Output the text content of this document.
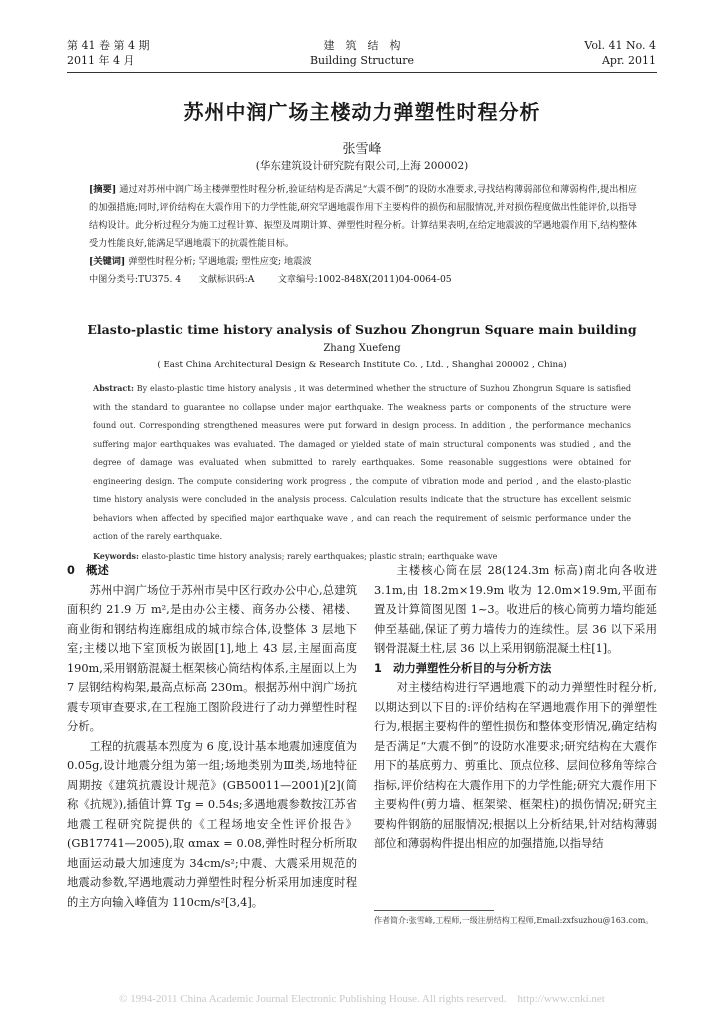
第 41 卷 第 4 期
2011 年 4 月
建　筑　结　构
Building Structure
Vol. 41 No. 4
Apr. 2011
苏州中润广场主楼动力弹塑性时程分析
张雪峰
(华东建筑设计研究院有限公司,上海 200002)

[摘要] 通过对苏州中润广场主楼弹塑性时程分析,验证结构是否满足“大震不倒”的设防水准要求,寻找结构薄弱部位和薄弱构件,提出相应的加强措施;同时,评价结构在大震作用下的力学性能,研究罕遇地震作用下主要构件的损伤和屈服情况,并对损伤程度做出性能评价,以指导结构设计。此分析过程分为施工过程计算、振型及周期计算、弹塑性时程分析。计算结果表明,在给定地震波的罕遇地震作用下,结构整体受力性能良好,能满足罕遇地震下的抗震性能目标。

[关键词] 弹塑性时程分析; 罕遇地震; 塑性应变; 地震波

中图分类号:TU375. 4 文献标识码:A	文章编号:1002-848X(2011)04-0064-05

Elasto-plastic time history analysis of Suzhou Zhongrun Square main building
Zhang Xuefeng
( East China Architectural Design & Research Institute Co. , Ltd. , Shanghai 200002 , China)

Abstract: By elasto-plastic time history analysis , it was determined whether the structure of Suzhou Zhongrun Square is satisfied with the standard to guarantee no collapse under major earthquake. The weakness parts or components of the structure were found out. Corresponding strengthened measures were put forward in design process. In addition , the performance mechanics suffering major earthquakes was evaluated. The damaged or yielded state of main structural components was studied , and the degree of damage was evaluated when submitted to rarely earthquakes. Some reasonable suggestions were obtained for engineering design. The compute considering work progress , the compute of vibration mode and period , and the elasto-plastic time history analysis were concluded in the analysis process. Calculation results indicate that the structure has excellent seismic behaviors when affected by specified major earthquake wave , and can reach the requirement of seismic performance under the action of the rarely earthquake.

Keywords: elasto-plastic time history analysis; rarely earthquakes; plastic strain; earthquake wave

0　概述

苏州中润广场位于苏州市吴中区行政办公中心,总建筑面积约 21.9 万 m²,是由办公主楼、商务办公楼、裙楼、商业街和钢结构连廊组成的城市综合体,设整体 3 层地下室;主楼以地下室顶板为嵌固[1],地上 43 层,主屋面高度 190m,采用钢筋混凝土框架核心筒结构体系,主屋面以上为 7 层钢结构构架,最高点标高 230m。根据苏州中润广场抗震专项审查要求,在工程施工图阶段进行了动力弹塑性时程分析。

工程的抗震基本烈度为 6 度,设计基本地震加速度值为 0.05g,设计地震分组为第一组;场地类别为Ⅲ类,场地特征周期按《建筑抗震设计规范》(GB50011—2001)[2](简称《抗规》),插值计算 Tg = 0.54s;多遇地震参数按江苏省地震工程研究院提供的《工程场地安全性评价报告》(GB17741—2005),取 αmax = 0.08,弹性时程分析所取地面运动最大加速度为 34cm/s²;中震、大震采用规范的地震动参数,罕遇地震动力弹塑性时程分析采用加速度时程的主方向输入峰值为 110cm/s²[3,4]。

主楼核心筒在层 28(124.3m 标高)南北向各收进 3.1m,由 18.2m×19.9m 收为 12.0m×19.9m,平面布置及计算简图见图 1~3。收进后的核心筒剪力墙均能延伸至基础,保证了剪力墙传力的连续性。层 36 以下采用钢骨混凝土柱,层 36 以上采用钢筋混凝土柱[1]。

1　动力弹塑性分析目的与分析方法

对主楼结构进行罕遇地震下的动力弹塑性时程分析,以期达到以下目的:评价结构在罕遇地震作用下的弹塑性行为,根据主要构件的塑性损伤和整体变形情况,确定结构是否满足“大震不倒”的设防水准要求;研究结构在大震作用下的基底剪力、剪重比、顶点位移、层间位移角等综合指标,评价结构在大震作用下的力学性能;研究大震作用下主要构件(剪力墙、框架梁、框架柱)的损伤情况;研究主要构件钢筋的屈服情况;根据以上分析结果,针对结构薄弱部位和薄弱构件提出相应的加强措施,以指导结

作者简介:张雪峰,工程师,一级注册结构工程师,Email:zxfsuzhou@163.com。
© 1994-2011 China Academic Journal Electronic Publishing House. All rights reserved.　http://www.cnki.net
